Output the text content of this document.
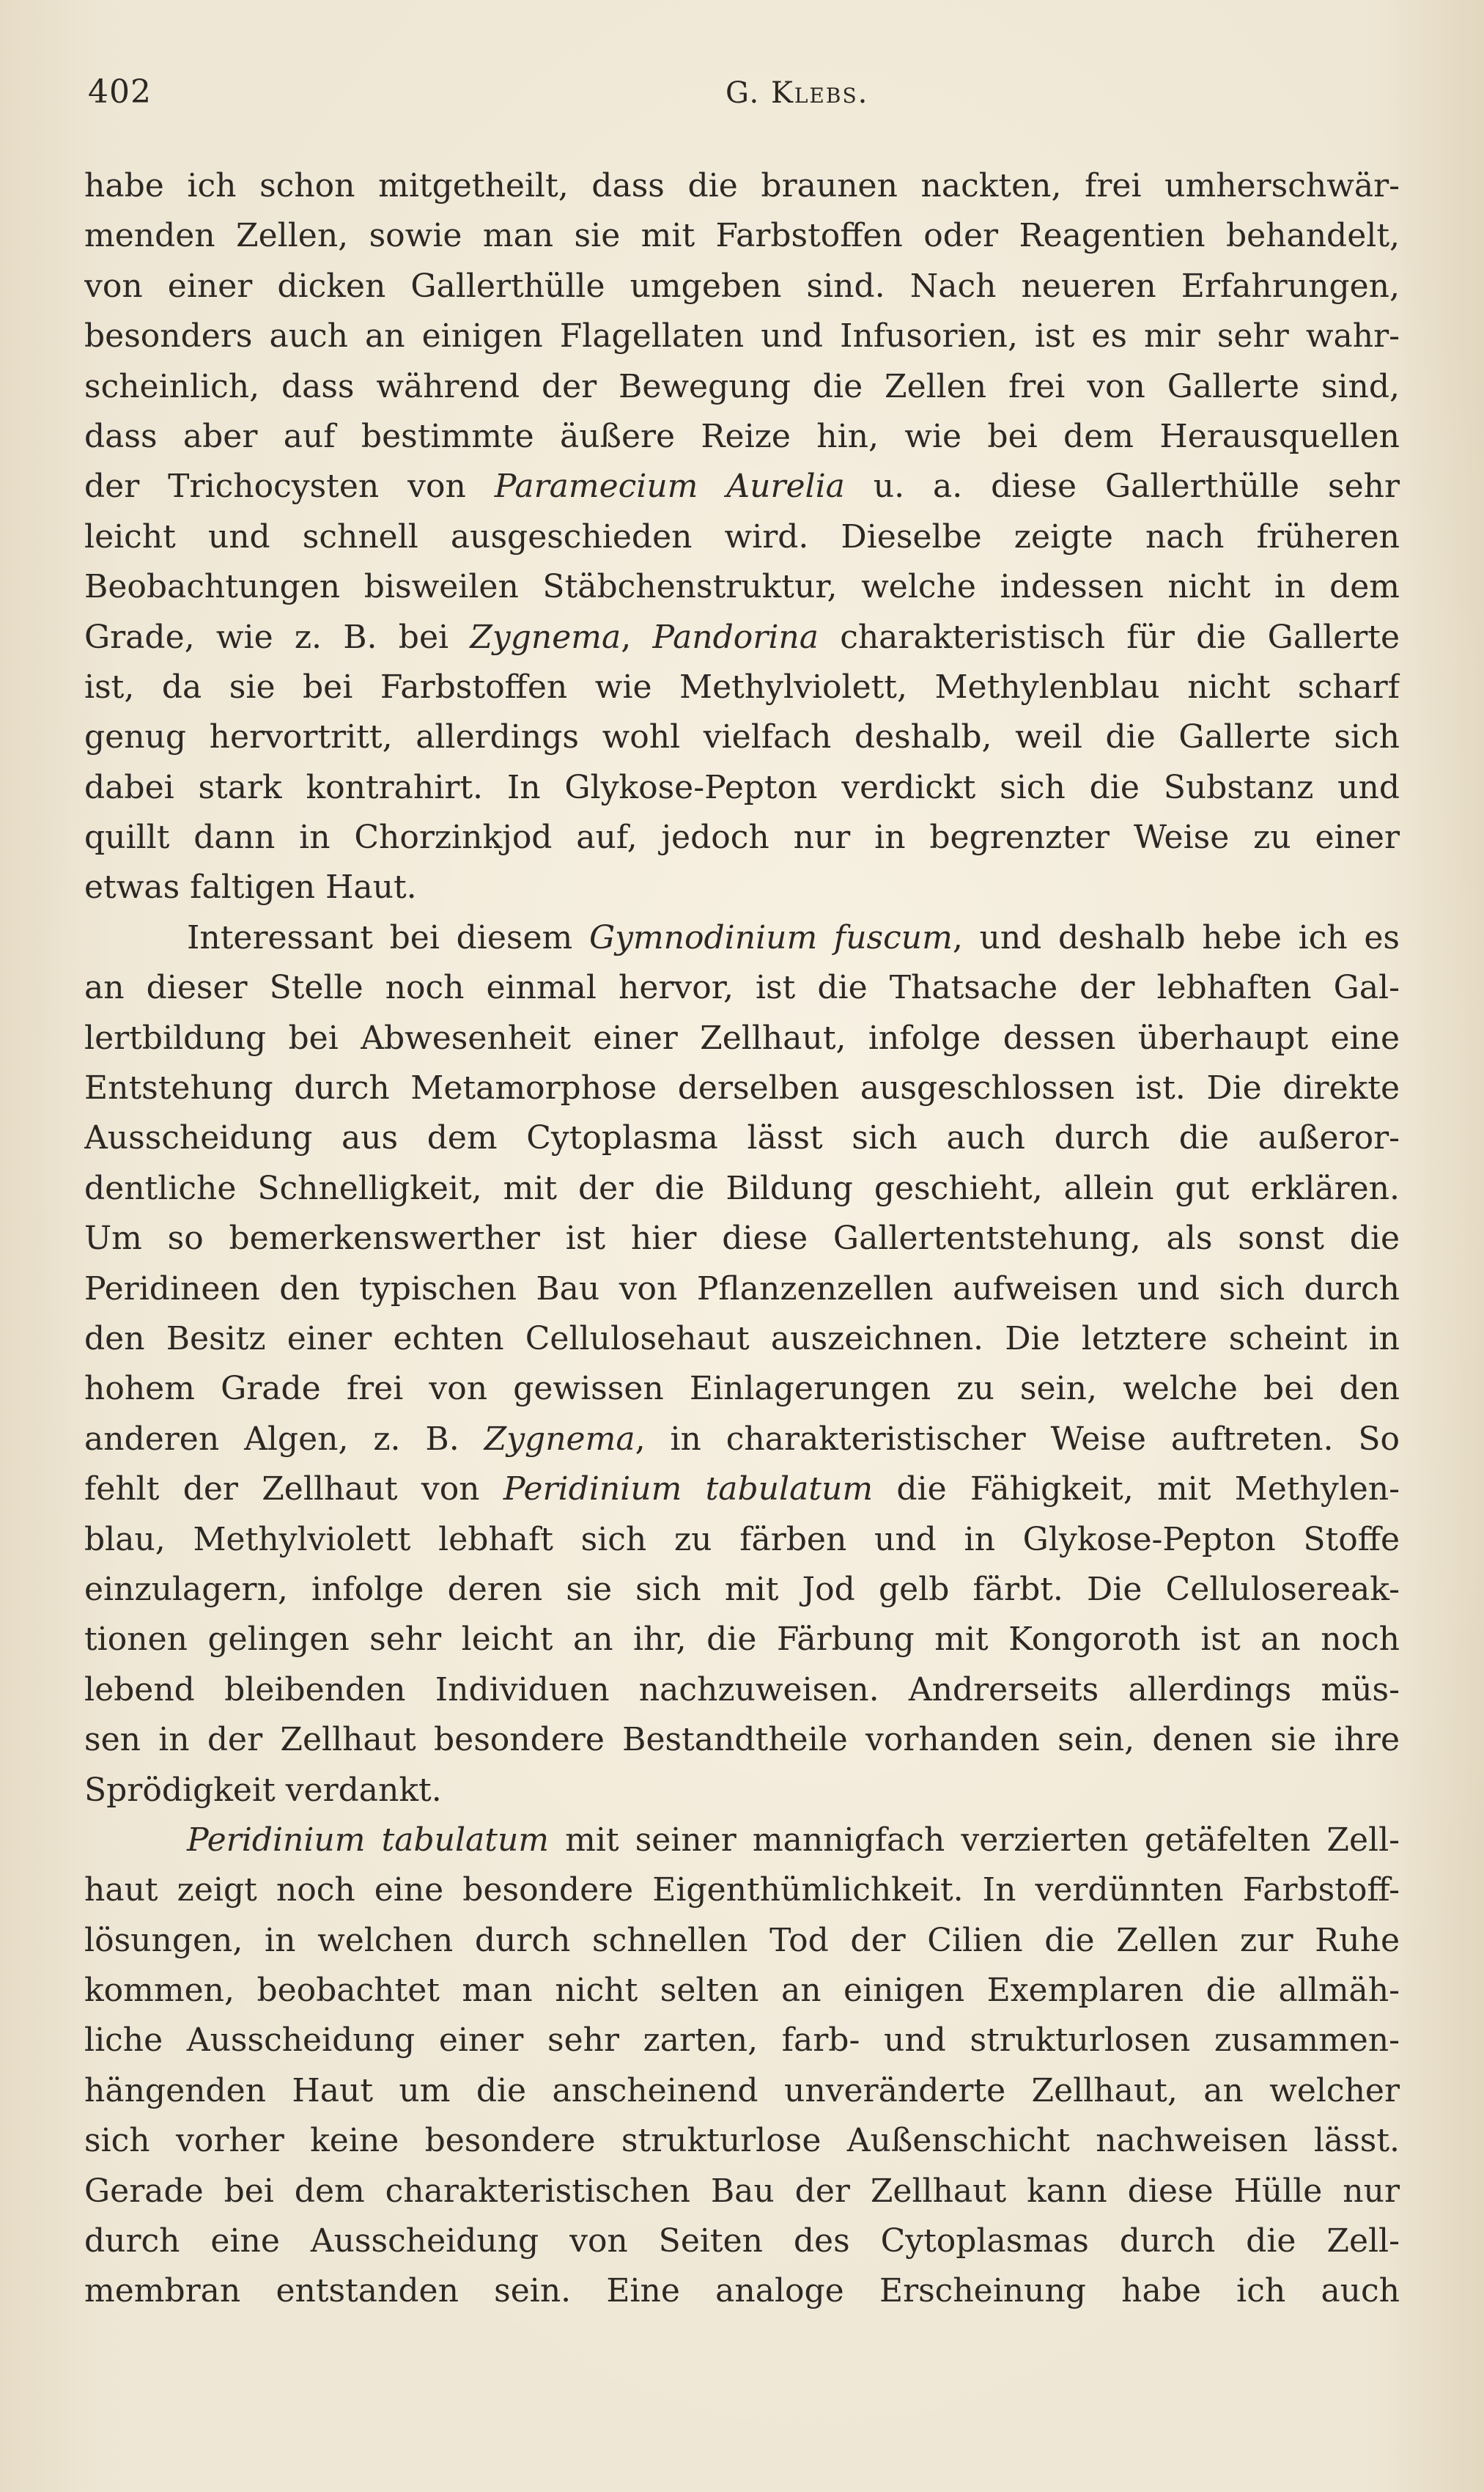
402	G. Klebs.
habe ich schon mitgetheilt, dass die braunen nackten, frei umherschwär-
menden Zellen, sowie man sie mit Farbstoffen oder Reagentien behandelt,
von einer dicken Gallerthülle umgeben sind. Nach neueren Erfahrungen,
besonders auch an einigen Flagellaten und Infusorien, ist es mir sehr wahr-
scheinlich, dass während der Bewegung die Zellen frei von Gallerte sind,
dass aber auf bestimmte äußere Reize hin, wie bei dem Herausquellen
der Trichocysten von Paramecium Aurelia u. a. diese Gallerthülle sehr
leicht und schnell ausgeschieden wird. Dieselbe zeigte nach früheren
Beobachtungen bisweilen Stäbchenstruktur, welche indessen nicht in dem
Grade, wie z. B. bei Zygnema, Pandorina charakteristisch für die Gallerte
ist, da sie bei Farbstoffen wie Methylviolett, Methylenblau nicht scharf
genug hervortritt, allerdings wohl vielfach deshalb, weil die Gallerte sich
dabei stark kontrahirt. In Glykose-Pepton verdickt sich die Substanz und
quillt dann in Chorzinkjod auf, jedoch nur in begrenzter Weise zu einer
etwas faltigen Haut.
Interessant bei diesem Gymnodinium fuscum, und deshalb hebe ich es
an dieser Stelle noch einmal hervor, ist die Thatsache der lebhaften Gal-
lertbildung bei Abwesenheit einer Zellhaut, infolge dessen überhaupt eine
Entstehung durch Metamorphose derselben ausgeschlossen ist. Die direkte
Ausscheidung aus dem Cytoplasma lässt sich auch durch die außeror-
dentliche Schnelligkeit, mit der die Bildung geschieht, allein gut erklären.
Um so bemerkenswerther ist hier diese Gallertentstehung, als sonst die
Peridineen den typischen Bau von Pflanzenzellen aufweisen und sich durch
den Besitz einer echten Cellulosehaut auszeichnen. Die letztere scheint in
hohem Grade frei von gewissen Einlagerungen zu sein, welche bei den
anderen Algen, z. B. Zygnema, in charakteristischer Weise auftreten. So
fehlt der Zellhaut von Peridinium tabulatum die Fähigkeit, mit Methylen-
blau, Methylviolett lebhaft sich zu färben und in Glykose-Pepton Stoffe
einzulagern, infolge deren sie sich mit Jod gelb färbt. Die Cellulosereak-
tionen gelingen sehr leicht an ihr, die Färbung mit Kongoroth ist an noch
lebend bleibenden Individuen nachzuweisen. Andrerseits allerdings müs-
sen in der Zellhaut besondere Bestandtheile vorhanden sein, denen sie ihre
Sprödigkeit verdankt.
Peridinium tabulatum mit seiner mannigfach verzierten getäfelten Zell-
haut zeigt noch eine besondere Eigenthümlichkeit. In verdünnten Farbstoff-
lösungen, in welchen durch schnellen Tod der Cilien die Zellen zur Ruhe
kommen, beobachtet man nicht selten an einigen Exemplaren die allmäh-
liche Ausscheidung einer sehr zarten, farb- und strukturlosen zusammen-
hängenden Haut um die anscheinend unveränderte Zellhaut, an welcher
sich vorher keine besondere strukturlose Außenschicht nachweisen lässt.
Gerade bei dem charakteristischen Bau der Zellhaut kann diese Hülle nur
durch eine Ausscheidung von Seiten des Cytoplasmas durch die Zell-
membran entstanden sein. Eine analoge Erscheinung habe ich auch
